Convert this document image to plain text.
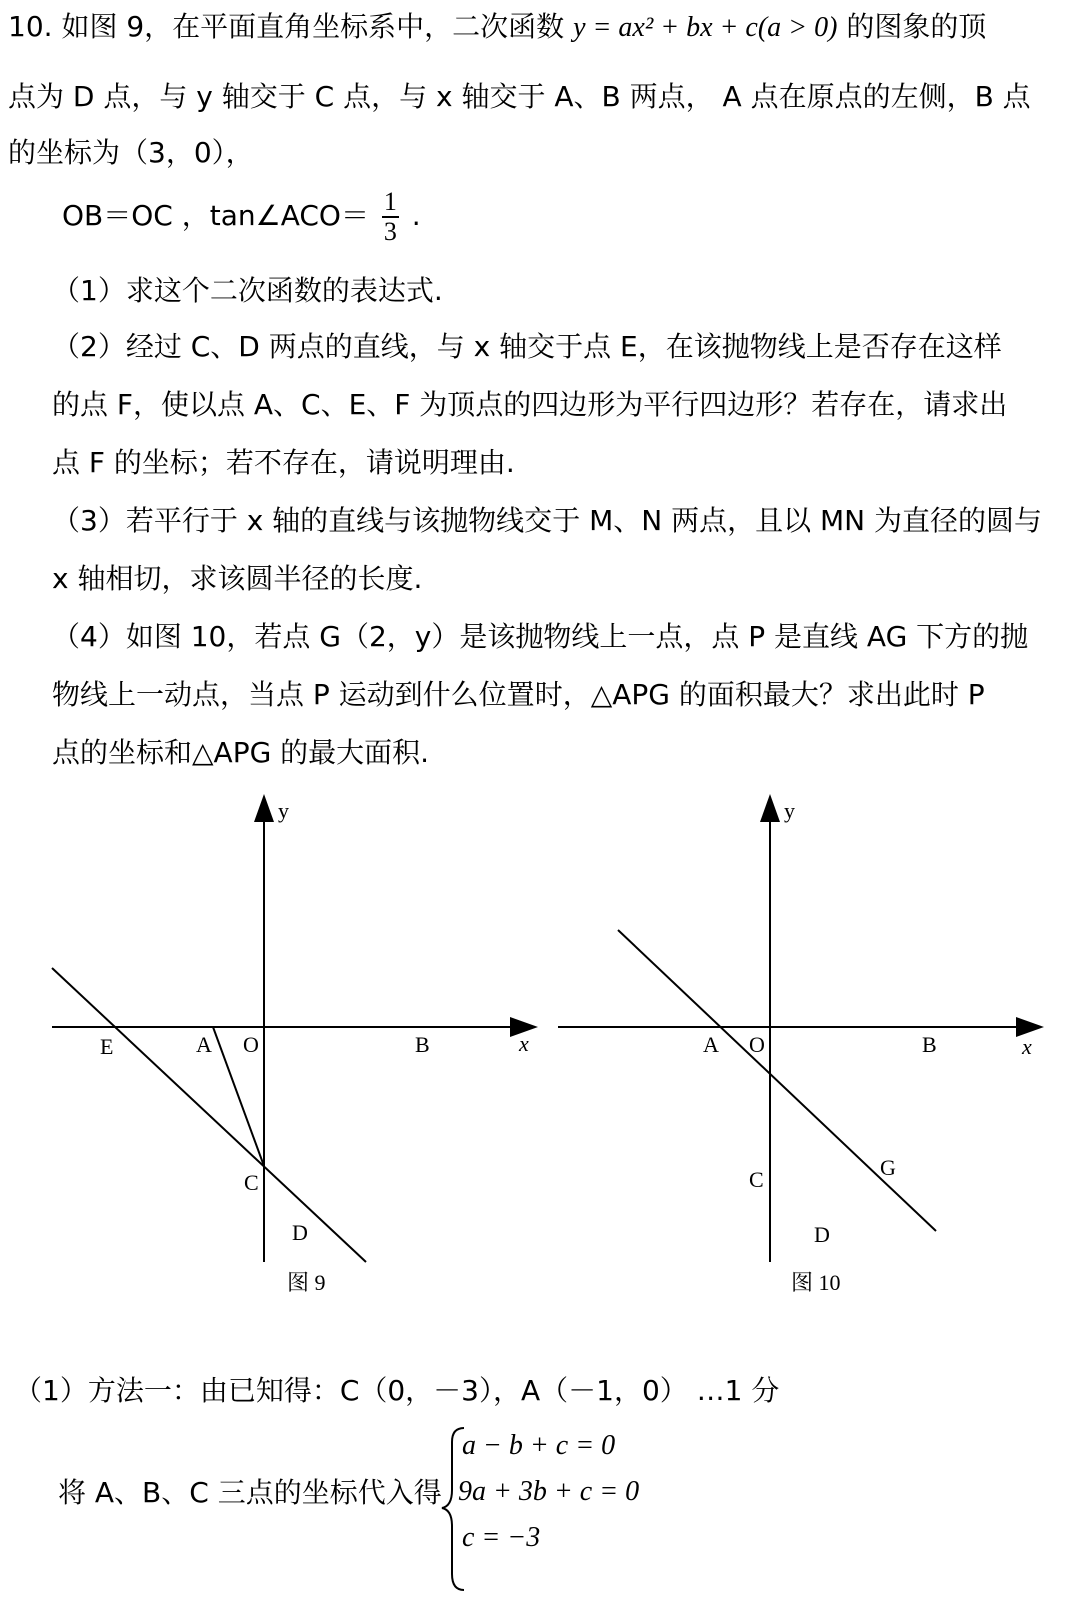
10. 如图 9，在平面直角坐标系中，二次函数 y = ax² + bx + c(a > 0) 的图象的顶
点为 D 点，与 y 轴交于 C 点，与 x 轴交于 A、B 两点， A 点在原点的左侧，B 点
的坐标为（3，0），
OB＝OC ，tan∠ACO＝ $\frac{1}{3}$ .
（1）求这个二次函数的表达式.
（2）经过 C、D 两点的直线，与 x 轴交于点 E，在该抛物线上是否存在这样
的点 F，使以点 A、C、E、F 为顶点的四边形为平行四边形？若存在，请求出
点 F 的坐标；若不存在，请说明理由.
（3）若平行于 x 轴的直线与该抛物线交于 M、N 两点，且以 MN 为直径的圆与
x 轴相切，求该圆半径的长度.
（4）如图 10，若点 G（2，y）是该抛物线上一点，点 P 是直线 AG 下方的抛
物线上一动点，当点 P 运动到什么位置时，△APG 的面积最大？求出此时 P
点的坐标和△APG 的最大面积.
y
x
E	A O	B
C
D
图 9
y
x
A O	B
C
D
G
图 10
（1）方法一：由已知得：C（0，－3），A（－1，0） …1 分
将 A、B、C 三点的坐标代入得
a − b + c = 0
9a + 3b + c = 0
c = −3
